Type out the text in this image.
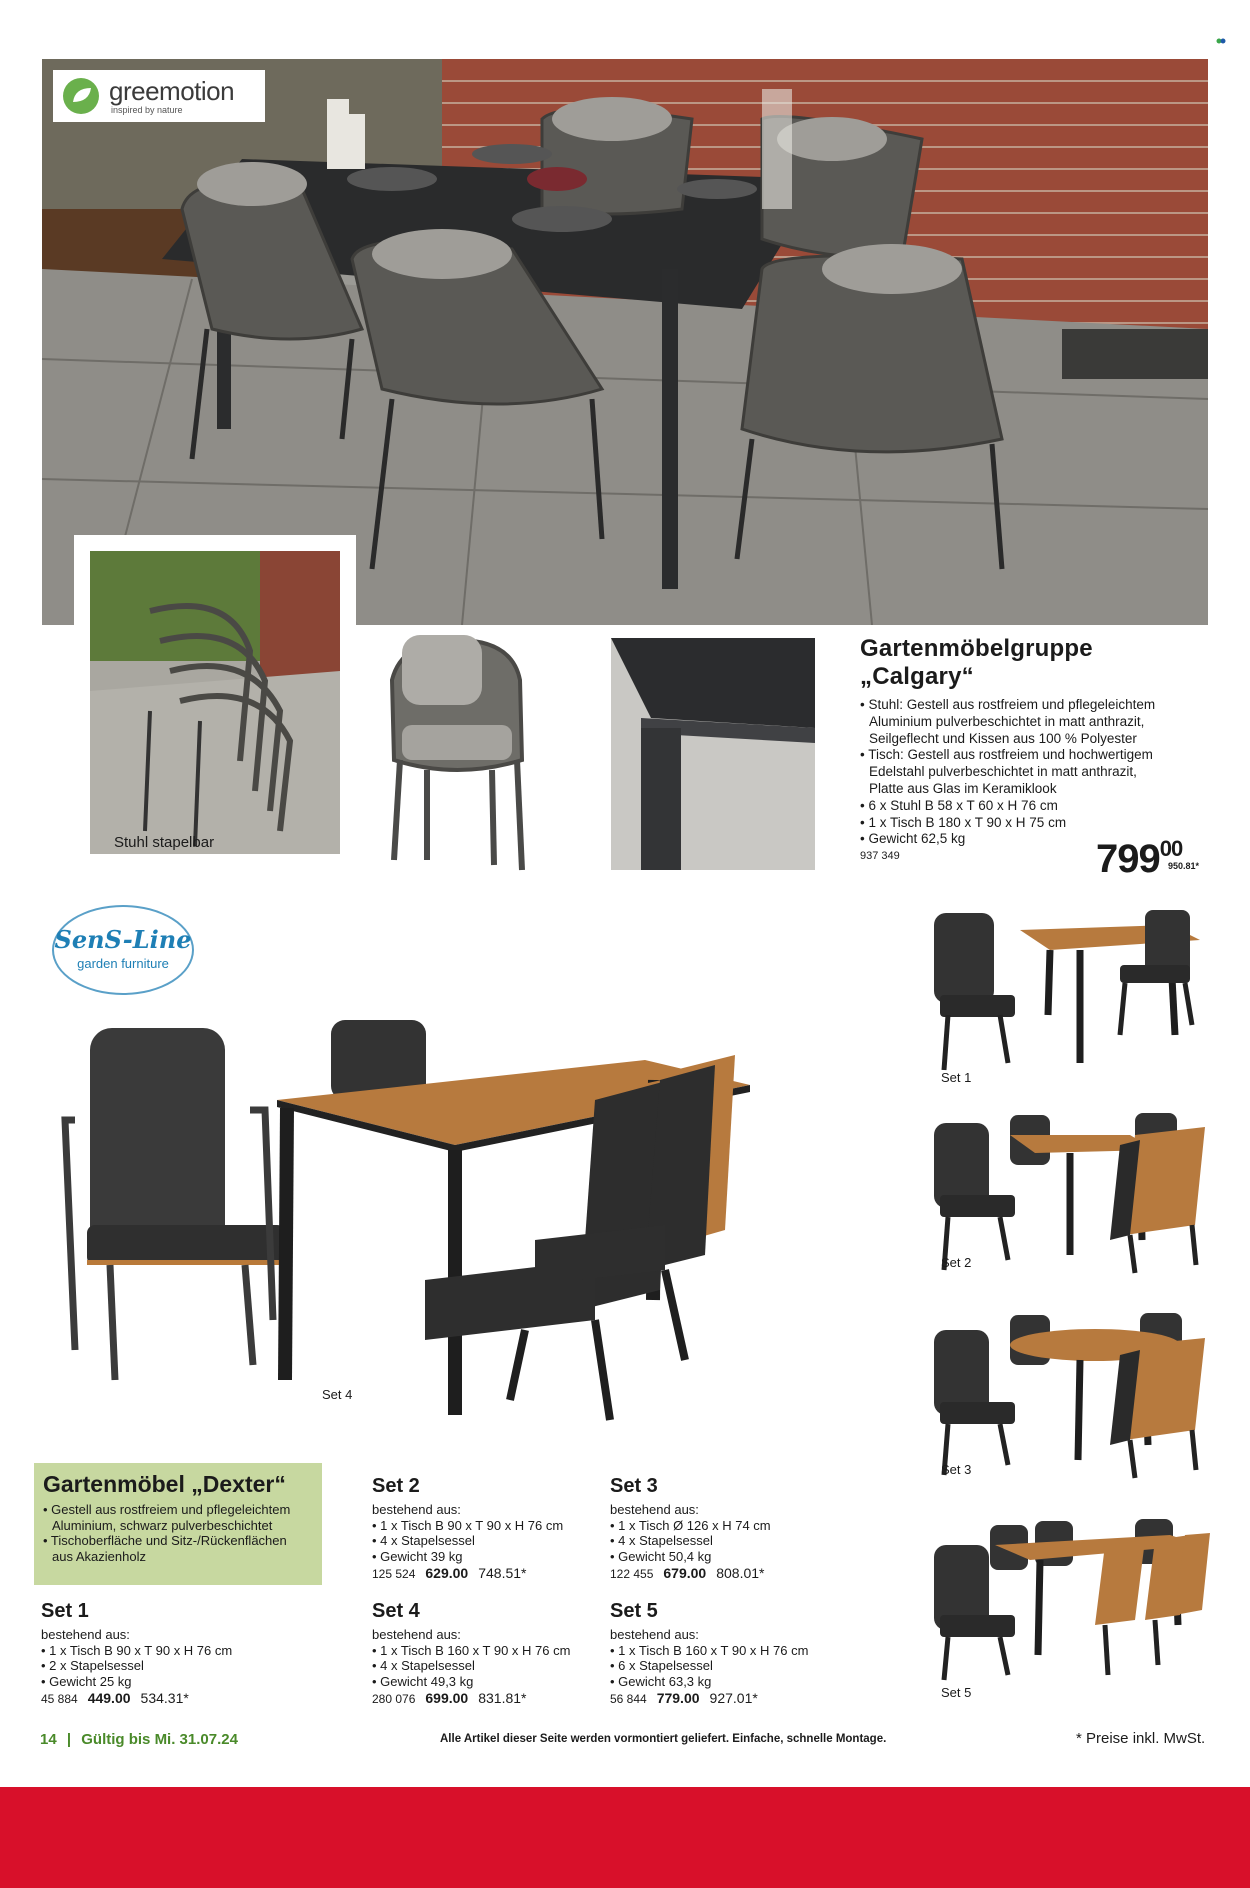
greemotion
inspired by nature
Stuhl stapelbar
Gartenmöbelgruppe „Calgary“
• Stuhl: Gestell aus rostfreiem und pflegeleichtem
Aluminium pulverbeschichtet in matt anthrazit,
Seilgeflecht und Kissen aus 100 % Polyester
• Tisch: Gestell aus rostfreiem und hochwertigem
Edelstahl pulverbeschichtet in matt anthrazit,
Platte aus Glas im Keramiklook
• 6 x Stuhl B 58 x T 60 x H 76 cm
• 1 x Tisch B 180 x T 90 x H 75 cm
• Gewicht 62,5 kg
937 349	$799^{00}$
950.81*
SenS-Line
garden furniture
Set 4
Set 1
Set 2
Set 3
Set 5
Gartenmöbel „Dexter“
• Gestell aus rostfreiem und pflegeleichtem
Aluminium, schwarz pulverbeschichtet
• Tischoberfläche und Sitz-/Rückenflächen
aus Akazienholz
Set 1
bestehend aus:
• 1 x Tisch B 90 x T 90 x H 76 cm
• 2 x Stapelsessel
• Gewicht 25 kg
45 884 449.00 534.31*
Set 2
bestehend aus:
• 1 x Tisch B 90 x T 90 x H 76 cm
• 4 x Stapelsessel
• Gewicht 39 kg
125 524 629.00 748.51*
Set 3
bestehend aus:
• 1 x Tisch Ø 126 x H 74 cm
• 4 x Stapelsessel
• Gewicht 50,4 kg
122 455 679.00 808.01*
Set 4
bestehend aus:
• 1 x Tisch B 160 x T 90 x H 76 cm
• 4 x Stapelsessel
• Gewicht 49,3 kg
280 076 699.00 831.81*
Set 5
bestehend aus:
• 1 x Tisch B 160 x T 90 x H 76 cm
• 6 x Stapelsessel
• Gewicht 63,3 kg
56 844 779.00 927.01*
14 | Gültig bis Mi. 31.07.24	Alle Artikel dieser Seite werden vormontiert geliefert. Einfache, schnelle Montage.	* Preise inkl. MwSt.
